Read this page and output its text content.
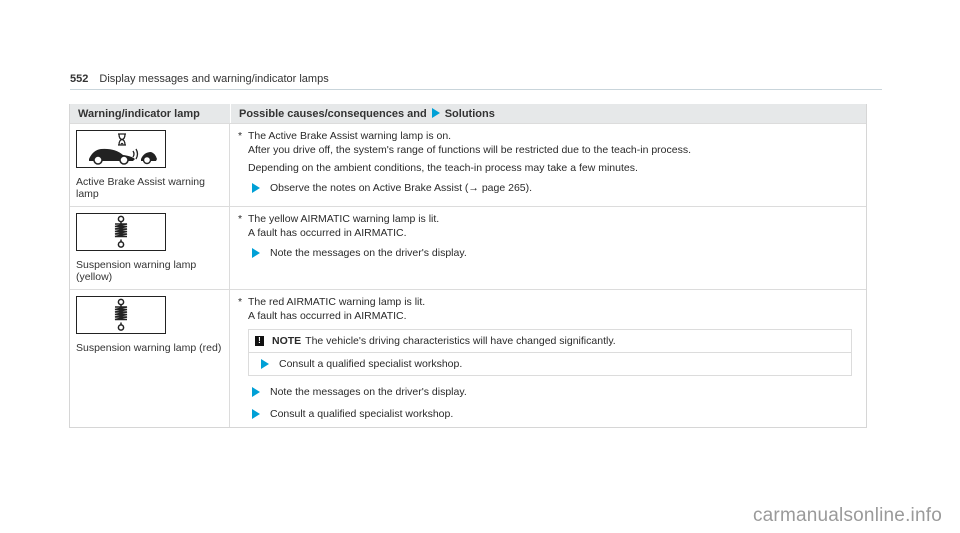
552 Display messages and warning/indicator lamps
Warning/indicator lamp	Possible causes/consequences and Solutions
Active Brake Assist warning lamp
* The Active Brake Assist warning lamp is on.
After you drive off, the system's range of functions will be restricted due to the teach-in process.
Depending on the ambient conditions, the teach-in process may take a few minutes.
Observe the notes on Active Brake Assist (→ page 265).
Suspension warning lamp (yellow)
* The yellow AIRMATIC warning lamp is lit.
A fault has occurred in AIRMATIC.
Note the messages on the driver's display.
Suspension warning lamp (red)
* The red AIRMATIC warning lamp is lit.
A fault has occurred in AIRMATIC.
!	NOTE The vehicle's driving characteristics will have changed significantly.
Consult a qualified specialist workshop.
Note the messages on the driver's display.
Consult a qualified specialist workshop.
carmanualsonline.info
